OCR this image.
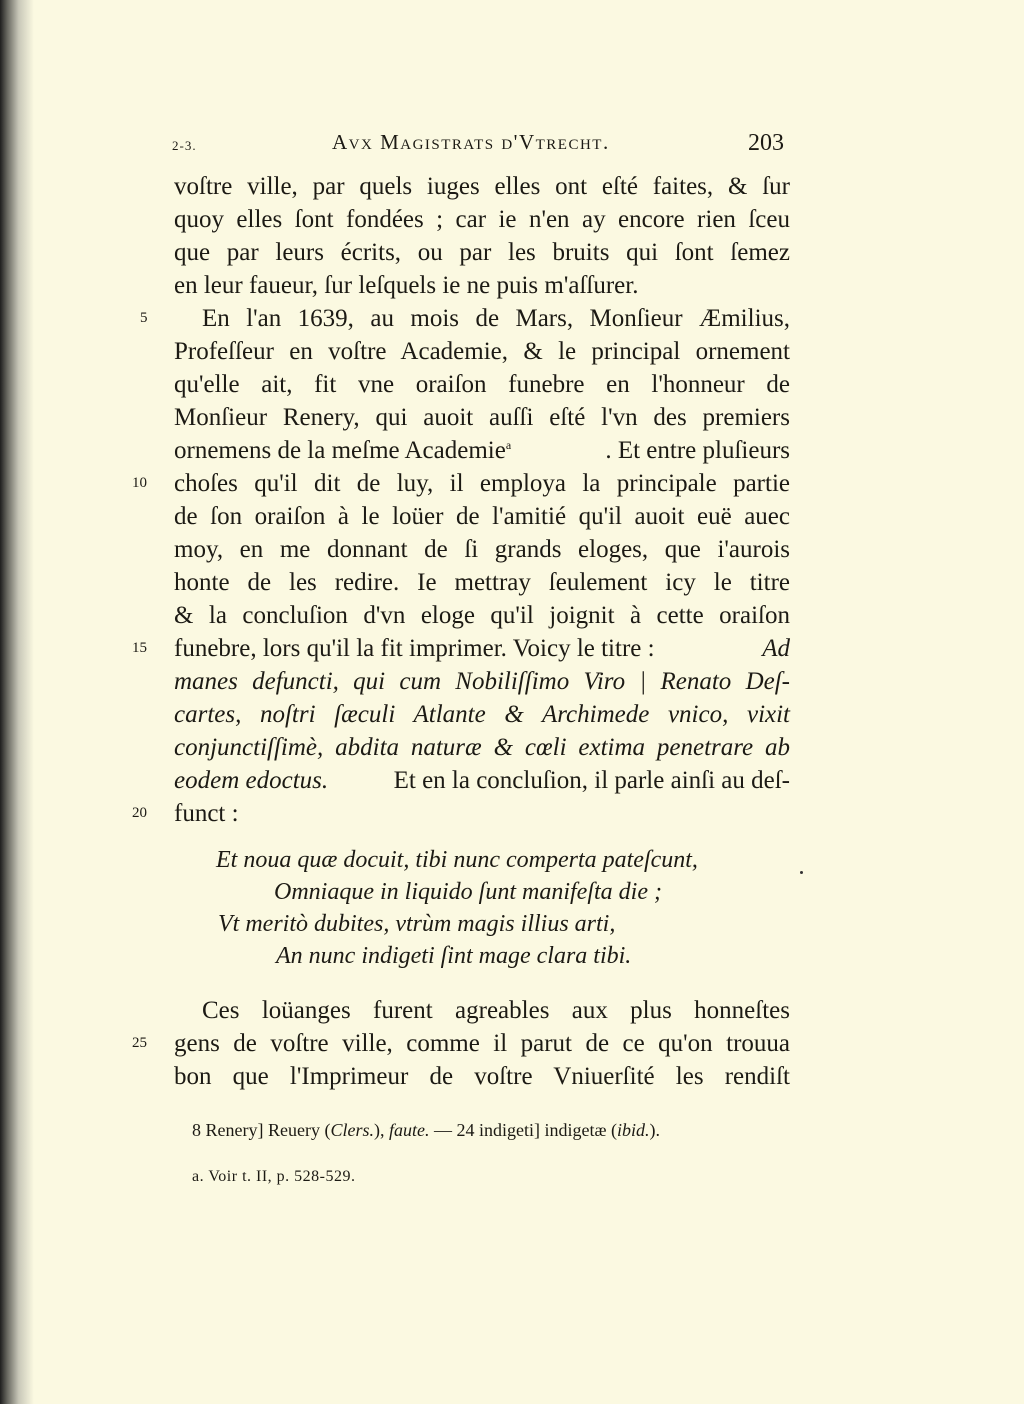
2-3.	Avx Magistrats d'Vtrecht.	203
voſtre ville, par quels iuges elles ont eſté faites, & ſur
quoy elles ſont fondées ; car ie n'en ay encore rien ſceu
que par leurs écrits, ou par les bruits qui ſont ſemez
en leur faueur, ſur leſquels ie ne puis m'aſſurer.
En l'an 1639, au mois de Mars, Monſieur Æmilius,
Profeſſeur en voſtre Academie, & le principal ornement
qu'elle ait, fit vne oraiſon funebre en l'honneur de
Monſieur Renery, qui auoit auſſi eſté l'vn des premiers
ornemens de la meſme Academie$^a$	. Et entre pluſieurs
choſes qu'il dit de luy, il employa la principale partie
de ſon oraiſon à le loüer de l'amitié qu'il auoit euë auec
moy, en me donnant de ſi grands eloges, que i'aurois
honte de les redire. Ie mettray ſeulement icy le titre
& la concluſion d'vn eloge qu'il joignit à cette oraiſon
funebre, lors qu'il la fit imprimer. Voicy le titre :	Ad
manes defuncti, qui cum Nobiliſſimo Viro | Renato Deſ-
cartes, noſtri ſæculi Atlante & Archimede vnico, vixit
conjunctiſſimè, abdita naturæ & cœli extima penetrare ab
eodem edoctus. Et en la concluſion, il parle ainſi au deſ-
funct :
Et noua quæ docuit, tibi nunc comperta pateſcunt,
Omniaque in liquido ſunt manifeſta die ;
Vt meritò dubites, vtrùm magis illius arti,
An nunc indigeti ſint mage clara tibi.
Ces loüanges furent agreables aux plus honneſtes
gens de voſtre ville, comme il parut de ce qu'on trouua
bon que l'Imprimeur de voſtre Vniuerſité les rendiſt
5
10
15
20
25
8 Renery] Reuery (Clers.), faute. — 24 indigeti] indigetæ (ibid.).
a. Voir t. II, p. 528-529.
